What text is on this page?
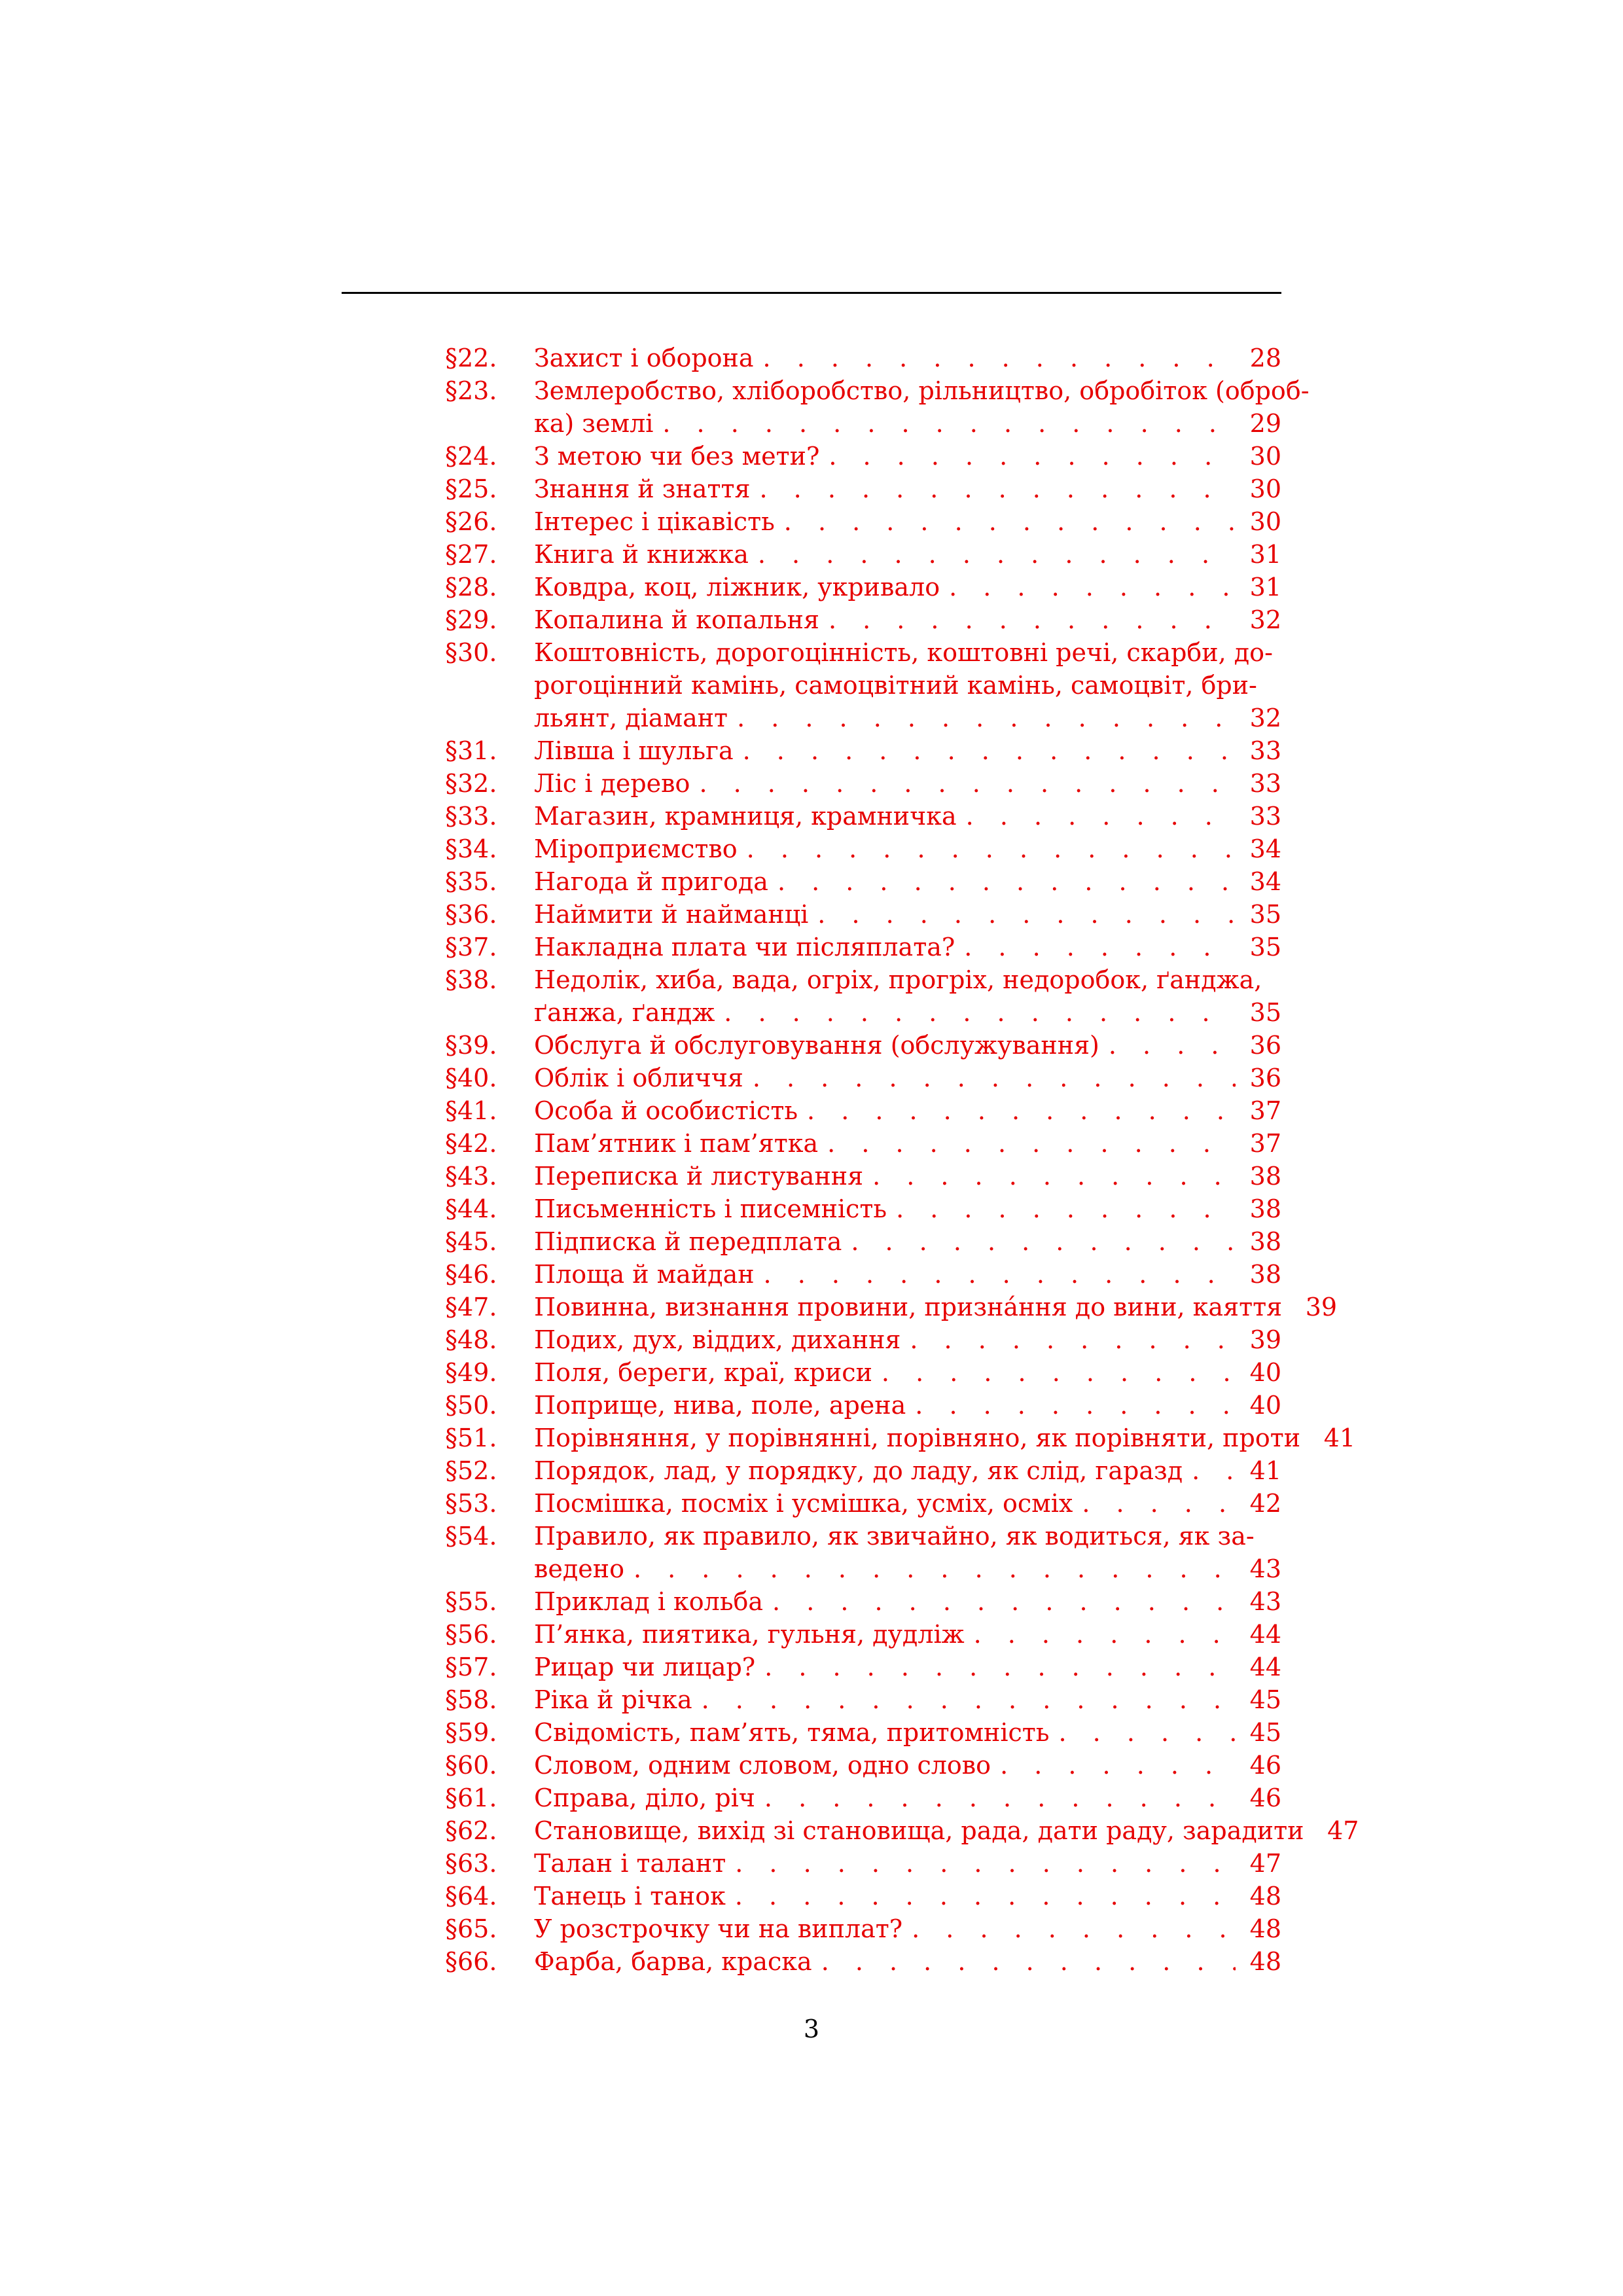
§22. Захист і оборона . . .	28
§23. Землеробство, хліборобство, рільництво, обробіток (оброб-
ка) землі . . .	29
§24. З метою чи без мети? . . .	30
§25. Знання й знаття . . .	30
§26. Інтерес і цікавість . . .	30
§27. Книга й книжка . . .	31
§28. Ковдра, коц, ліжник, укривало . . .	31
§29. Копалина й копальня . . .	32
§30. Коштовність, дорогоцінність, коштовні речі, скарби, до-
рогоцінний камінь, самоцвітний камінь, самоцвіт, бри-
льянт, діамант . . .	32
§31. Лівша і шульга . . .	33
§32. Ліс і дерево . . .	33
§33. Магазин, крамниця, крамничка . . .	33
§34. Міроприємство . . .	34
§35. Нагода й пригода . . .	34
§36. Наймити й найманці . . .	35
§37. Накладна плата чи післяплата? . . .	35
§38. Недолік, хиба, вада, огріх, прогріх, недоробок, ґанджа,
ґанжа, ґандж . . .	35
§39. Обслуга й обслуговування (обслужування) . . .	36
§40. Облік і обличчя . . .	36
§41. Особа й особистість . . .	37
§42. Пам’ятник і пам’ятка . . .	37
§43. Переписка й листування . . .	38
§44. Письменність і писемність . . .	38
§45. Підписка й передплата . . .	38
§46. Площа й майдан . . .	38
§47. Повинна, визнання провини, призна́ння до вини, каяття . . . 39
§48. Подих, дух, віддих, дихання . . .	39
§49. Поля, береги, краї, криси . . .	40
§50. Поприще, нива, поле, арена . . .	40
§51. Порівняння, у порівнянні, порівняно, як порівняти, проти . . . 41
§52. Порядок, лад, у порядку, до ладу, як слід, гаразд . . .	41
§53. Посмішка, посміх і усмішка, усміх, осміх . . .	42
§54. Правило, як правило, як звичайно, як водиться, як за-
ведено . . .	43
§55. Приклад і кольба . . .	43
§56. П’янка, пиятика, гульня, дудлiж . . .	44
§57. Рицар чи лицар? . . .	44
§58. Ріка й річка . . .	45
§59. Свідомість, пам’ять, тяма, притомність . . .	45
§60. Словом, одним словом, одно слово . . .	46
§61. Справа, діло, річ . . .	46
§62. Становище, вихід зі становища, рада, дати раду, зарадити . . . 47
§63. Талан і талант . . .	47
§64. Танець і танок . . .	48
§65. У розстрочку чи на виплат? . . .	48
§66. Фарба, барва, краска . . .	48
3
